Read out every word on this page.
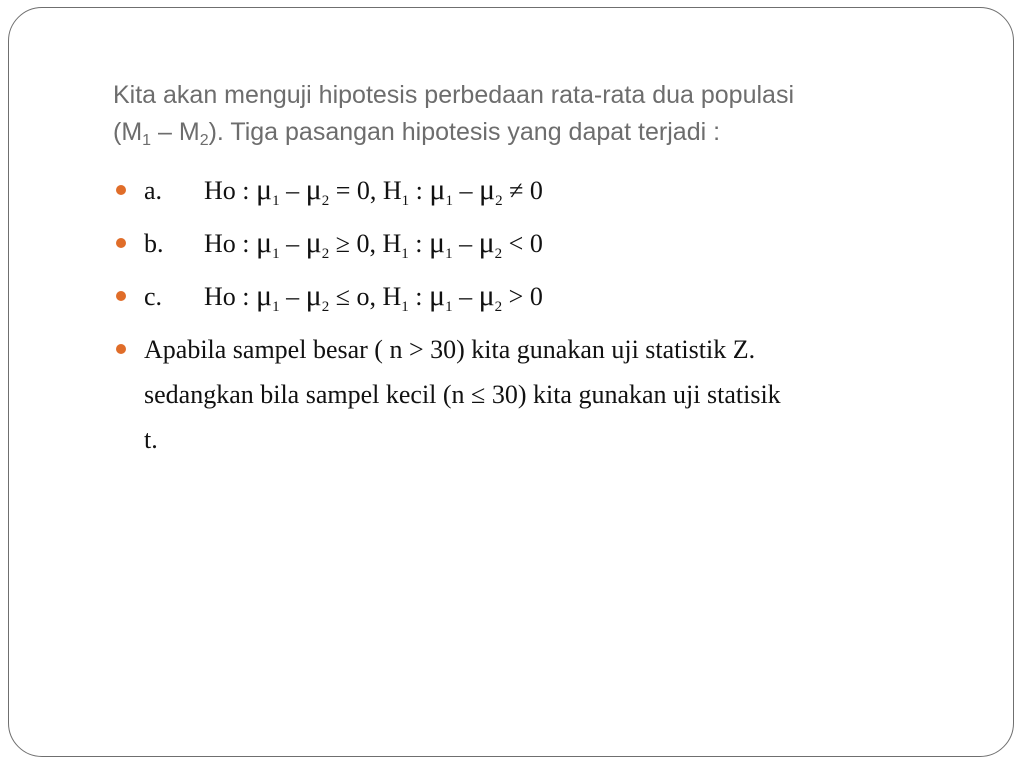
Kita akan menguji hipotesis perbedaan rata-rata dua populasi
$(M_1 - M_2)$. Tiga pasangan hipotesis yang dapat terjadi :
a. Ho : $\mu_1 - \mu_2 = 0$, $H_1$ : $\mu_1 - \mu_2 \ne 0$
b. Ho : $\mu_1 - \mu_2 \ge 0$, $H_1$ : $\mu_1 - \mu_2 < 0$
c. Ho : $\mu_1 - \mu_2 \le o$, $H_1$ : $\mu_1 - \mu_2 > 0$
Apabila sampel besar ( n > 30) kita gunakan uji statistik Z.
sedangkan bila sampel kecil (n ≤ 30) kita gunakan uji statisik
t.
